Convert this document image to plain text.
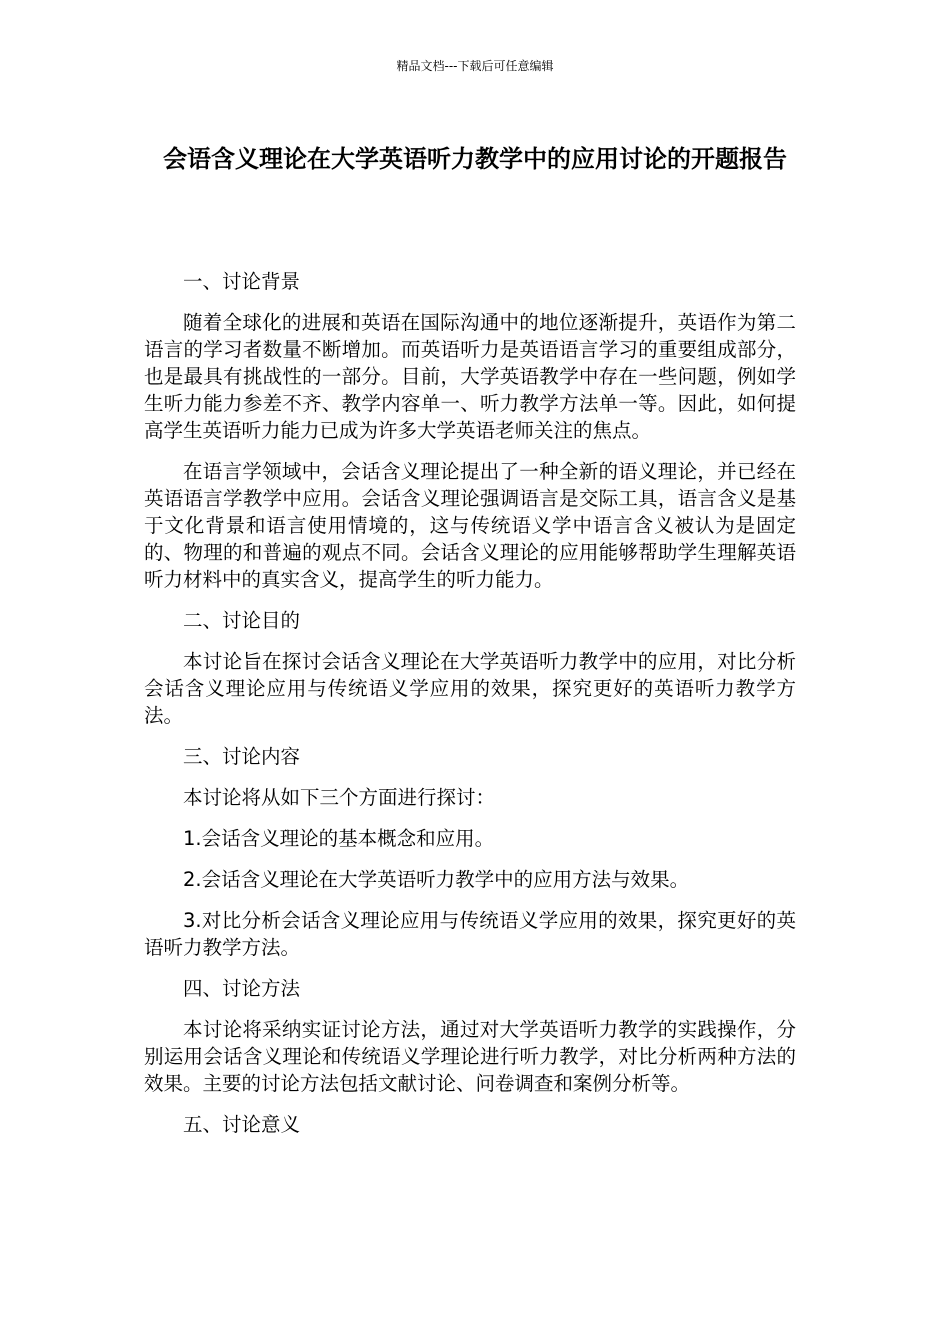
精品文档---下载后可任意编辑
会语含义理论在大学英语听力教学中的应用讨论的开题报告

一、讨论背景

随着全球化的进展和英语在国际沟通中的地位逐渐提升，英语作为第二语言的学习者数量不断增加。而英语听力是英语语言学习的重要组成部分，也是最具有挑战性的一部分。目前，大学英语教学中存在一些问题，例如学生听力能力参差不齐、教学内容单一、听力教学方法单一等。因此，如何提高学生英语听力能力已成为许多大学英语老师关注的焦点。

在语言学领域中，会话含义理论提出了一种全新的语义理论，并已经在英语语言学教学中应用。会话含义理论强调语言是交际工具，语言含义是基于文化背景和语言使用情境的，这与传统语义学中语言含义被认为是固定的、物理的和普遍的观点不同。会话含义理论的应用能够帮助学生理解英语听力材料中的真实含义，提高学生的听力能力。

二、讨论目的

本讨论旨在探讨会话含义理论在大学英语听力教学中的应用，对比分析会话含义理论应用与传统语义学应用的效果，探究更好的英语听力教学方法。

三、讨论内容

本讨论将从如下三个方面进行探讨：

1.会话含义理论的基本概念和应用。

2.会话含义理论在大学英语听力教学中的应用方法与效果。

3.对比分析会话含义理论应用与传统语义学应用的效果，探究更好的英语听力教学方法。

四、讨论方法

本讨论将采纳实证讨论方法，通过对大学英语听力教学的实践操作，分别运用会话含义理论和传统语义学理论进行听力教学，对比分析两种方法的效果。主要的讨论方法包括文献讨论、问卷调查和案例分析等。

五、讨论意义
